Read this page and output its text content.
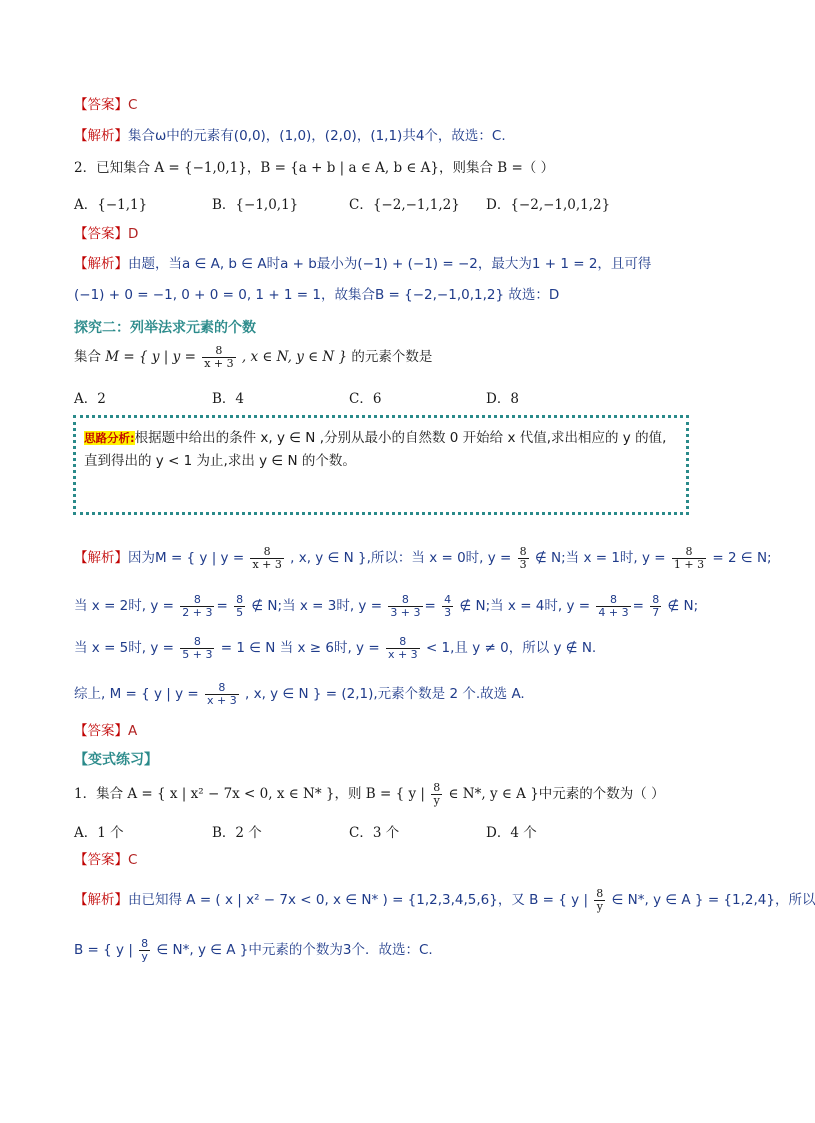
【答案】C
【解析】集合ω中的元素有(0,0)，(1,0)，(2,0)，(1,1)共4个，故选：C.
2．已知集合 A = {−1,0,1}，B = {a + b | a ∈ A, b ∈ A}，则集合 B =（ ）
A．{−1,1}	B．{−1,0,1}	C．{−2,−1,1,2} D．{−2,−1,0,1,2}
【答案】D
【解析】由题，当a ∈ A, b ∈ A时a + b最小为(−1) + (−1) = −2，最大为1 + 1 = 2，且可得
(−1) + 0 = −1, 0 + 0 = 0, 1 + 1 = 1，故集合B = {−2,−1,0,1,2} 故选：D
探究二：列举法求元素的个数
集合 M = { y | $y = \frac{8}{x + 3}$ , x ∈ N, y ∈ N } 的元素个数是
A．2	B．4	C．6	D．8
思路分析:根据题中给出的条件 x, y ∈ N ,分别从最小的自然数 0 开始给 x 代值,求出相应的 y 的值,
直到得出的 y < 1 为止,求出 y ∈ N 的个数。
【解析】因为M = { y | $y = \frac{8}{x + 3}$ , x, y ∈ N },所以：当 x = 0时, $y = \frac{8}{3}$ ∉ N;当 x = 1时, $y = \frac{8}{1 + 3} = 2$ ∈ N;
当 x = 2时, $y = \frac{8}{2 + 3} = \frac{8}{5}$ ∉ N;当 x = 3时, $y = \frac{8}{3 + 3} = \frac{4}{3}$ ∉ N;当 x = 4时, $y = \frac{8}{4 + 3} = \frac{8}{7}$ ∉ N;
当 x = 5时, $y = \frac{8}{5 + 3} = 1$ ∈ N 当 x ≥ 6时, $y = \frac{8}{x + 3} < 1$,且 y ≠ 0，所以 y ∉ N.
综上, M = { y | $y = \frac{8}{x + 3}$ , x, y ∈ N } = (2,1),元素个数是 2 个.故选 A.
【答案】A
【变式练习】
1．集合 A = { x | x² − 7x < 0, x ∈ N* }，则 B = { y | $\frac{8}{y}$ ∈ N*, y ∈ A }中元素的个数为（ ）
A．1 个	B．2 个	C．3 个	D．4 个
【答案】C
【解析】由已知得 A = ( x | x² − 7x < 0, x ∈ N* ) = {1,2,3,4,5,6}，又 B = { y | $\frac{8}{y}$ ∈ N*, y ∈ A } = {1,2,4}，所以
B = { y | $\frac{8}{y}$ ∈ N*, y ∈ A }中元素的个数为3个．故选：C.
